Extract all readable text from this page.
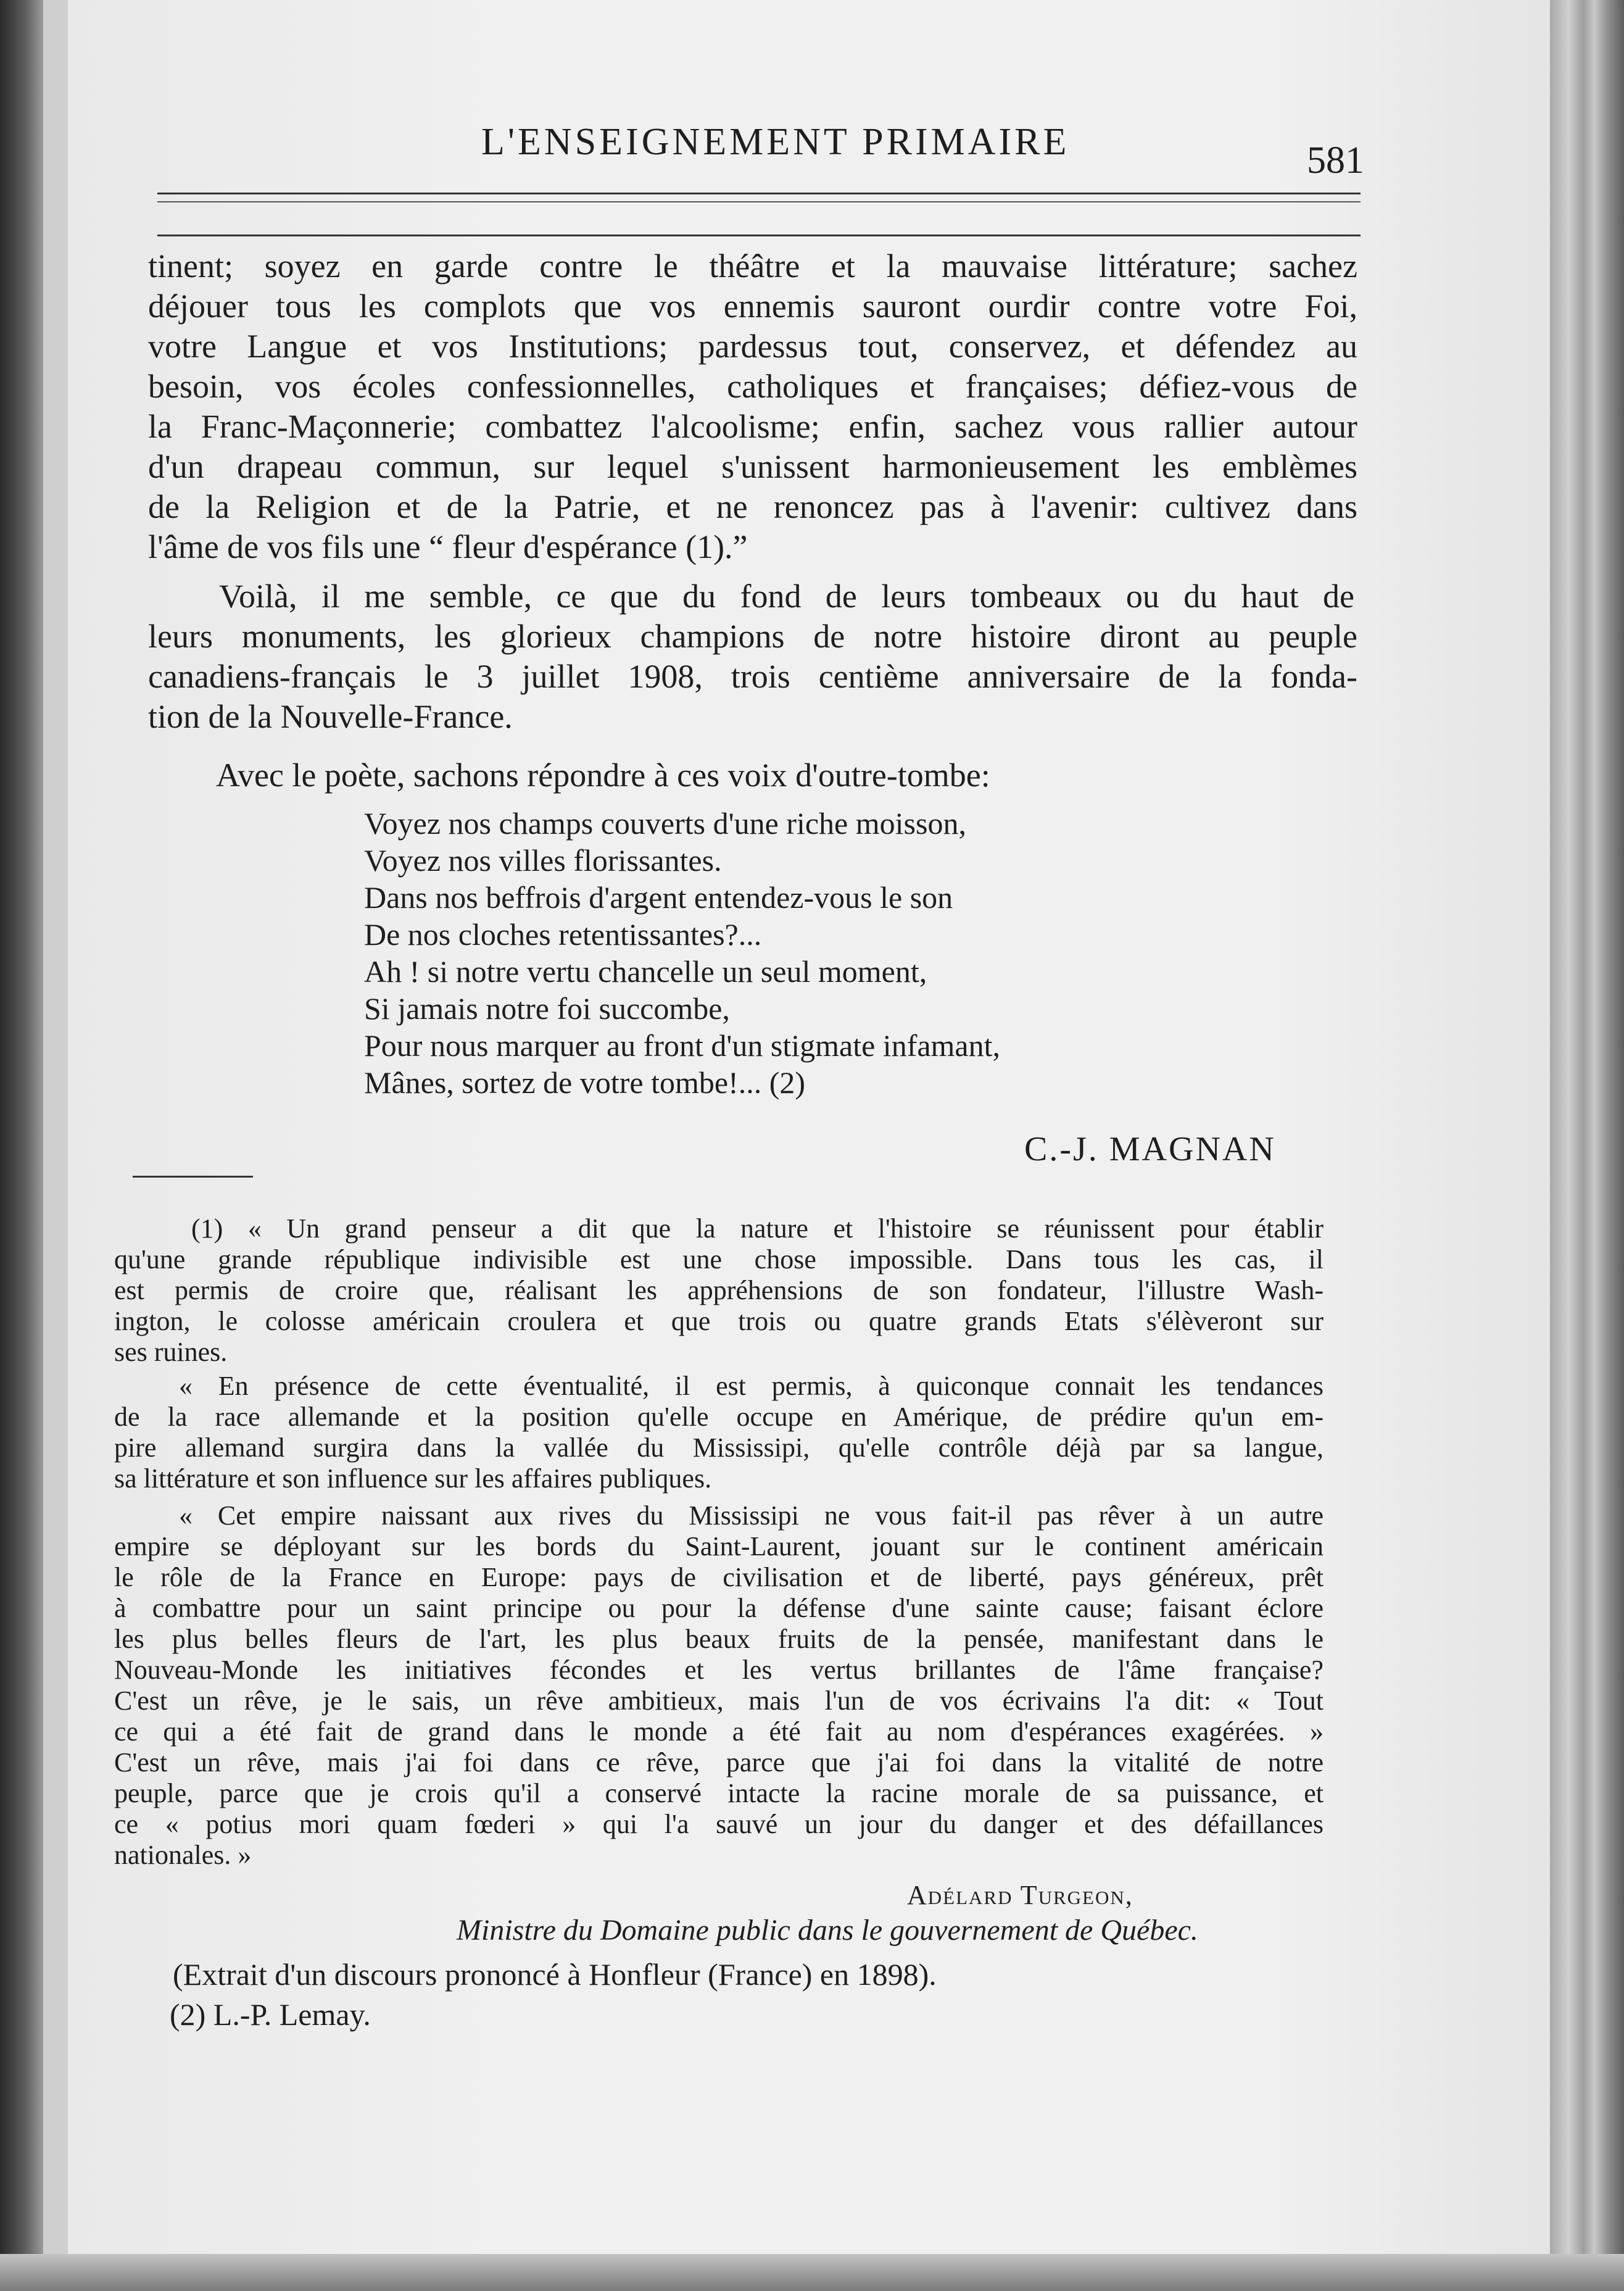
L'ENSEIGNEMENT PRIMAIRE	581
tinent; soyez en garde contre le théâtre et la mauvaise littérature; sachez
déjouer tous les complots que vos ennemis sauront ourdir contre votre Foi,
votre Langue et vos Institutions; pardessus tout, conservez, et défendez au
besoin, vos écoles confessionnelles, catholiques et françaises; défiez-vous de
la Franc-Maçonnerie; combattez l'alcoolisme; enfin, sachez vous rallier autour
d'un drapeau commun, sur lequel s'unissent harmonieusement les emblèmes
de la Religion et de la Patrie, et ne renoncez pas à l'avenir: cultivez dans
l'âme de vos fils une “ fleur d'espérance (1).”
Voilà, il me semble, ce que du fond de leurs tombeaux ou du haut de
leurs monuments, les glorieux champions de notre histoire diront au peuple
canadiens-français le 3 juillet 1908, trois centième anniversaire de la fonda-
tion de la Nouvelle-France.
Avec le poète, sachons répondre à ces voix d'outre-tombe:
Voyez nos champs couverts d'une riche moisson,
Voyez nos villes florissantes.
Dans nos beffrois d'argent entendez-vous le son
De nos cloches retentissantes?...
Ah ! si notre vertu chancelle un seul moment,
Si jamais notre foi succombe,
Pour nous marquer au front d'un stigmate infamant,
Mânes, sortez de votre tombe!... (2)
C.-J. MAGNAN
(1) « Un grand penseur a dit que la nature et l'histoire se réunissent pour établir
qu'une grande république indivisible est une chose impossible. Dans tous les cas, il
est permis de croire que, réalisant les appréhensions de son fondateur, l'illustre Wash-
ington, le colosse américain croulera et que trois ou quatre grands Etats s'élèveront sur
ses ruines.
« En présence de cette éventualité, il est permis, à quiconque connait les tendances
de la race allemande et la position qu'elle occupe en Amérique, de prédire qu'un em-
pire allemand surgira dans la vallée du Mississipi, qu'elle contrôle déjà par sa langue,
sa littérature et son influence sur les affaires publiques.
« Cet empire naissant aux rives du Mississipi ne vous fait-il pas rêver à un autre
empire se déployant sur les bords du Saint-Laurent, jouant sur le continent américain
le rôle de la France en Europe: pays de civilisation et de liberté, pays généreux, prêt
à combattre pour un saint principe ou pour la défense d'une sainte cause; faisant éclore
les plus belles fleurs de l'art, les plus beaux fruits de la pensée, manifestant dans le
Nouveau-Monde les initiatives fécondes et les vertus brillantes de l'âme française?
C'est un rêve, je le sais, un rêve ambitieux, mais l'un de vos écrivains l'a dit: « Tout
ce qui a été fait de grand dans le monde a été fait au nom d'espérances exagérées. »
C'est un rêve, mais j'ai foi dans ce rêve, parce que j'ai foi dans la vitalité de notre
peuple, parce que je crois qu'il a conservé intacte la racine morale de sa puissance, et
ce « potius mori quam fœderi » qui l'a sauvé un jour du danger et des défaillances
nationales. »
Adélard Turgeon,
Ministre du Domaine public dans le gouvernement de Québec.
(Extrait d'un discours prononcé à Honfleur (France) en 1898).
(2) L.-P. Lemay.
